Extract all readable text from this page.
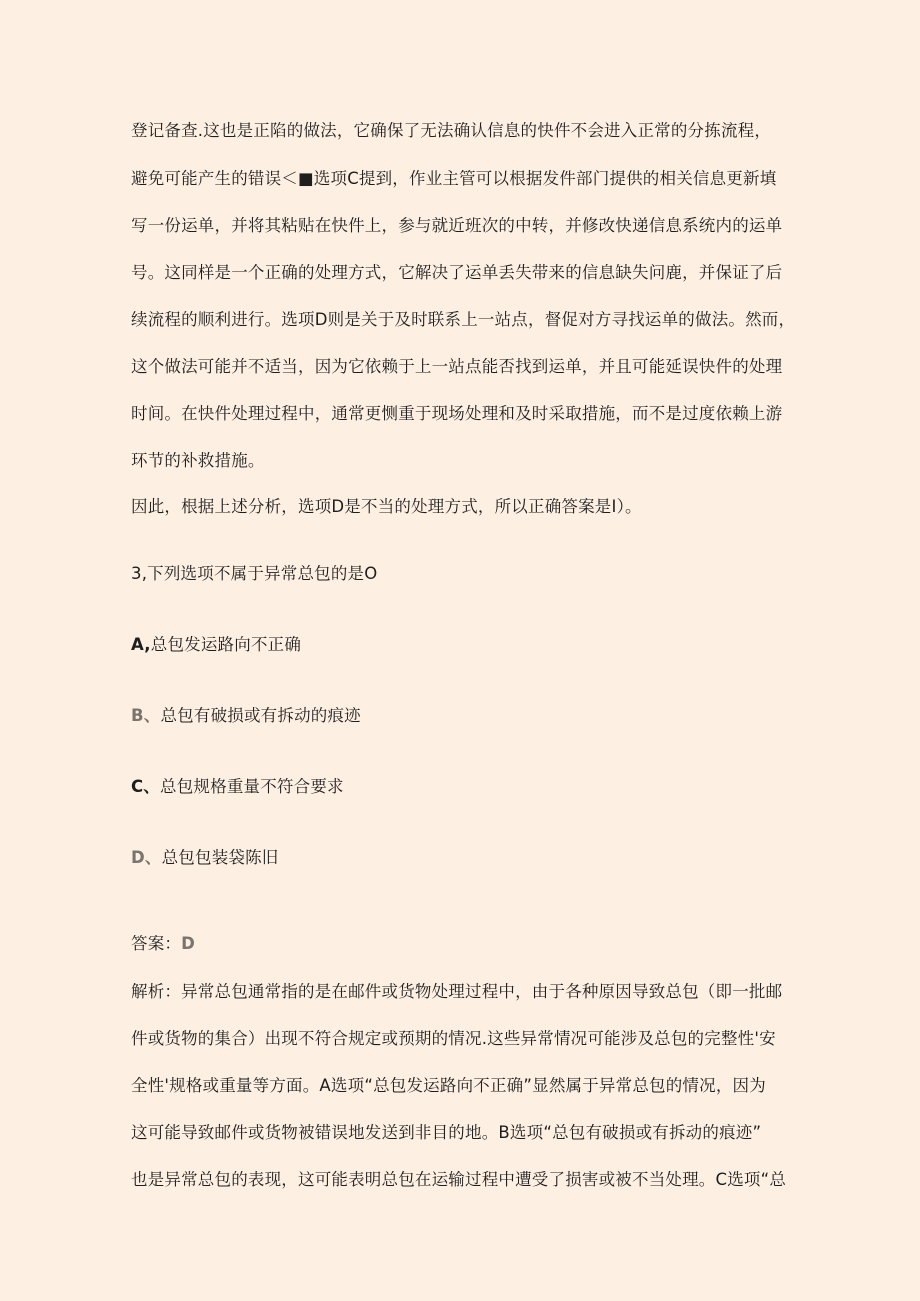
登记备查.这也是正陷的做法，它确保了无法确认信息的快件不会进入正常的分拣流程，
避免可能产生的错误＜■选项C提到，作业主管可以根据发件部门提供的相关信息更新填
写一份运单，并将其粘贴在快件上，参与就近班次的中转，并修改快递信息系统内的运单
号。这同样是一个正确的处理方式，它解决了运单丢失带来的信息缺失问鹿，并保证了后
续流程的顺利进行。选项D则是关于及时联系上一站点，督促对方寻找运单的做法。然而，
这个做法可能并不适当，因为它依赖于上一站点能否找到运单，并且可能延误快件的处理
时间。在快件处理过程中，通常更恻重于现场处理和及时采取措施，而不是过度依赖上游
环节的补救措施。
因此，根据上述分析，选项D是不当的处理方式，所以正确答案是I）。
3,下列选项不属于异常总包的是O
A,总包发运路向不正确
B、总包有破损或有拆动的痕迹
C、总包规格重量不符合要求
D、总包包装袋陈旧
答案：D
解析：异常总包通常指的是在邮件或货物处理过程中，由于各种原因导致总包（即一批邮
件或货物的集合）出现不符合规定或预期的情况.这些异常情况可能涉及总包的完整性'安
全性'规格或重量等方面。A选项“总包发运路向不正确”显然属于异常总包的情况，因为
这可能导致邮件或货物被错误地发送到非目的地。B选项“总包有破损或有拆动的痕迹”
也是异常总包的表现，这可能表明总包在运输过程中遭受了损害或被不当处理。C选项“总
